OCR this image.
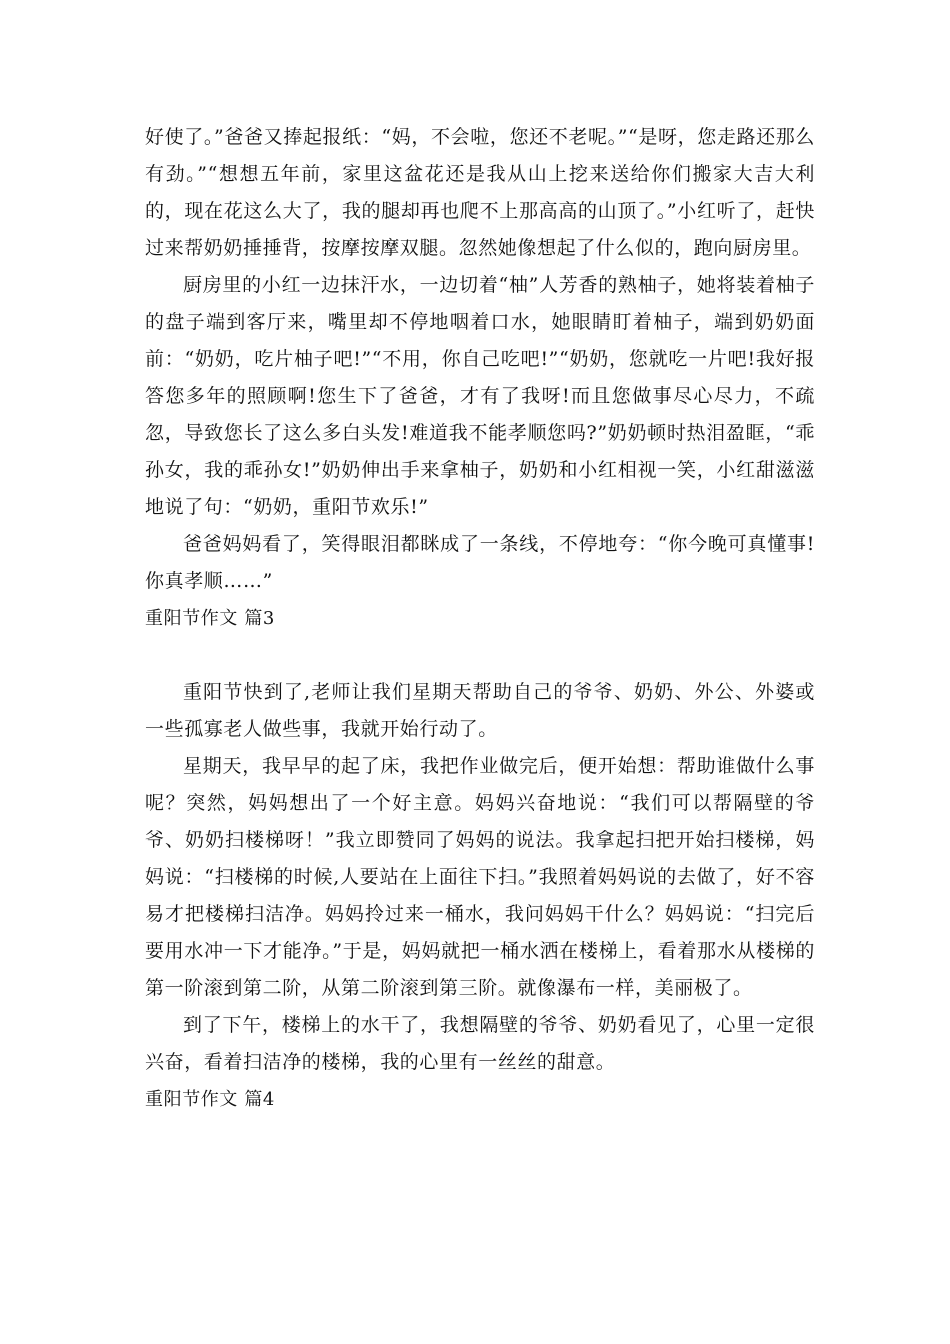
好使了。”爸爸又捧起报纸：“妈，不会啦，您还不老呢。”“是呀，您走路还那么有劲。”“想想五年前，家里这盆花还是我从山上挖来送给你们搬家大吉大利的，现在花这么大了，我的腿却再也爬不上那高高的山顶了。”小红听了，赶快过来帮奶奶捶捶背，按摩按摩双腿。忽然她像想起了什么似的，跑向厨房里。

厨房里的小红一边抹汗水，一边切着“柚”人芳香的熟柚子，她将装着柚子的盘子端到客厅来，嘴里却不停地咽着口水，她眼睛盯着柚子，端到奶奶面前：“奶奶，吃片柚子吧!”“不用，你自己吃吧!”“奶奶，您就吃一片吧!我好报答您多年的照顾啊!您生下了爸爸，才有了我呀!而且您做事尽心尽力，不疏忽，导致您长了这么多白头发!难道我不能孝顺您吗?”奶奶顿时热泪盈眶，“乖孙女，我的乖孙女!”奶奶伸出手来拿柚子，奶奶和小红相视一笑，小红甜滋滋地说了句：“奶奶，重阳节欢乐!”

爸爸妈妈看了，笑得眼泪都眯成了一条线，不停地夸：“你今晚可真懂事!你真孝顺……”

重阳节作文 篇3

重阳节快到了,老师让我们星期天帮助自己的爷爷、奶奶、外公、外婆或一些孤寡老人做些事，我就开始行动了。

星期天，我早早的起了床，我把作业做完后，便开始想：帮助谁做什么事呢？突然，妈妈想出了一个好主意。妈妈兴奋地说：“我们可以帮隔壁的爷爷、奶奶扫楼梯呀！”我立即赞同了妈妈的说法。我拿起扫把开始扫楼梯，妈妈说：“扫楼梯的时候,人要站在上面往下扫。”我照着妈妈说的去做了，好不容易才把楼梯扫洁净。妈妈拎过来一桶水，我问妈妈干什么？妈妈说：“扫完后要用水冲一下才能净。”于是，妈妈就把一桶水洒在楼梯上，看着那水从楼梯的第一阶滚到第二阶，从第二阶滚到第三阶。就像瀑布一样，美丽极了。

到了下午，楼梯上的水干了，我想隔壁的爷爷、奶奶看见了，心里一定很兴奋，看着扫洁净的楼梯，我的心里有一丝丝的甜意。

重阳节作文 篇4
